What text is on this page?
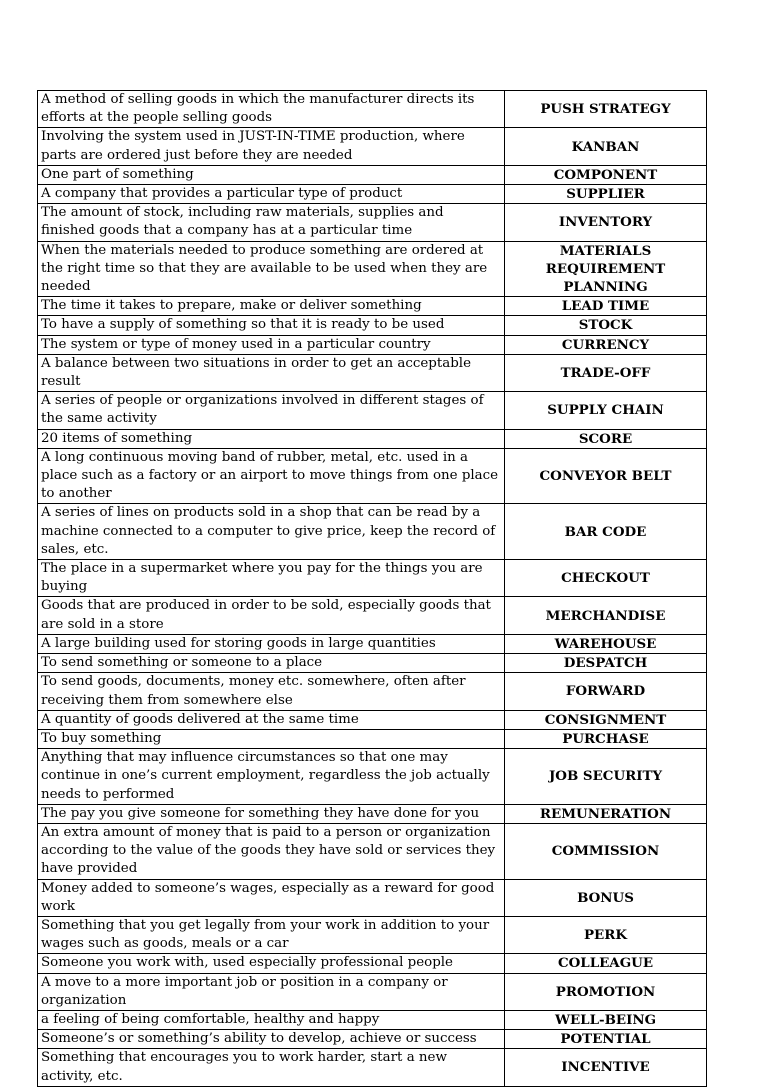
A method of selling goods in which the manufacturer directs its efforts at the people selling goods	PUSH STRATEGY
Involving the system used in JUST-IN-TIME production, where parts are ordered just before they are needed	KANBAN
One part of something	COMPONENT
A company that provides a particular type of product	SUPPLIER
The amount of stock, including raw materials, supplies and finished goods that a company has at a particular time	INVENTORY
When the materials needed to produce something are ordered at the right time so that they are available to be used when they are needed	MATERIALS REQUIREMENT PLANNING
The time it takes to prepare, make or deliver something	LEAD TIME
To have a supply of something so that it is ready to be used	STOCK
The system or type of money used in a particular country	CURRENCY
A balance between two situations in order to get an acceptable result	TRADE-OFF
A series of people or organizations involved in different stages of the same activity	SUPPLY CHAIN
20 items of something	SCORE
A long continuous moving band of rubber, metal, etc. used in a place such as a factory or an airport to move things from one place to another	CONVEYOR BELT
A series of lines on products sold in a shop that can be read by a machine connected to a computer to give price, keep the record of sales, etc.	BAR CODE
The place in a supermarket where you pay for the things you are buying	CHECKOUT
Goods that are produced in order to be sold, especially goods that are sold in a store	MERCHANDISE
A large building used for storing goods in large quantities	WAREHOUSE
To send something or someone to a place	DESPATCH
To send goods, documents, money etc. somewhere, often after receiving them from somewhere else	FORWARD
A quantity of goods delivered at the same time	CONSIGNMENT
To buy something	PURCHASE
Anything that may influence circumstances so that one may continue in one’s current employment, regardless the job actually needs to performed	JOB SECURITY
The pay you give someone for something they have done for you	REMUNERATION
An extra amount of money that is paid to a person or organization according to the value of the goods they have sold or services they have provided	COMMISSION
Money added to someone’s wages, especially as a reward for good work	BONUS
Something that you get legally from your work in addition to your wages such as goods, meals or a car	PERK
Someone you work with, used especially professional people	COLLEAGUE
A move to a more important job or position in a company or organization	PROMOTION
a feeling of being comfortable, healthy and happy	WELL-BEING
Someone’s or something’s ability to develop, achieve or success	POTENTIAL
Something that encourages you to work harder, start a new activity, etc.	INCENTIVE
